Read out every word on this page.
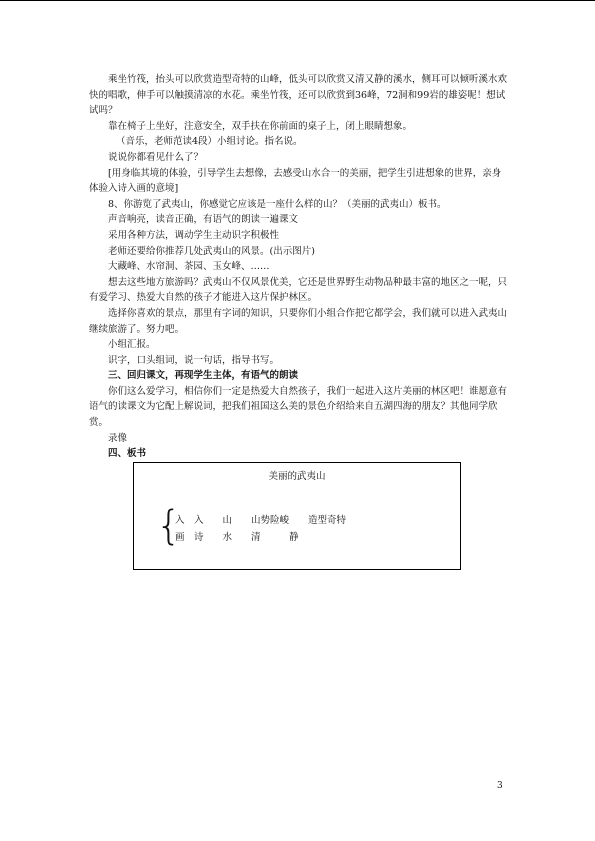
乘坐竹筏，抬头可以欣赏造型奇特的山峰，低头可以欣赏又清又静的溪水，侧耳可以倾听溪水欢快的唱歌，伸手可以触摸清凉的水花。乘坐竹筏，还可以欣赏到36峰，72洞和99岩的雄姿呢！想试试吗？

靠在椅子上坐好，注意安全，双手扶在你前面的桌子上，闭上眼睛想象。

（音乐，老师范读4段）小组讨论。指名说。

说说你都看见什么了？

[用身临其境的体验，引导学生去想像，去感受山水合一的美丽，把学生引进想象的世界，亲身体验入诗入画的意境]

8、你游览了武夷山，你感觉它应该是一座什么样的山？（美丽的武夷山）板书。

声音响亮，读音正确，有语气的朗读一遍课文

采用各种方法，调动学生主动识字积极性

老师还要给你推荐几处武夷山的风景。(出示图片)

大藏峰、水帘洞、茶园、玉女峰、……

想去这些地方旅游吗？武夷山不仅风景优美，它还是世界野生动物品种最丰富的地区之一呢，只有爱学习、热爱大自然的孩子才能进入这片保护林区。

选择你喜欢的景点，那里有字词的知识，只要你们小组合作把它都学会，我们就可以进入武夷山继续旅游了。努力吧。

小组汇报。

识字，口头组词，说一句话，指导书写。

三、回归课文，再现学生主体，有语气的朗读

你们这么爱学习，相信你们一定是热爱大自然孩子，我们一起进入这片美丽的林区吧！谁愿意有语气的读课文为它配上解说词，把我们祖国这么美的景色介绍给来自五湖四海的朋友？其他同学欣赏。

录像

四、板书

美丽的武夷山
{
入　入　　山　　山势险峻　　造型奇特
画　诗　　水　　清　　　静
3
